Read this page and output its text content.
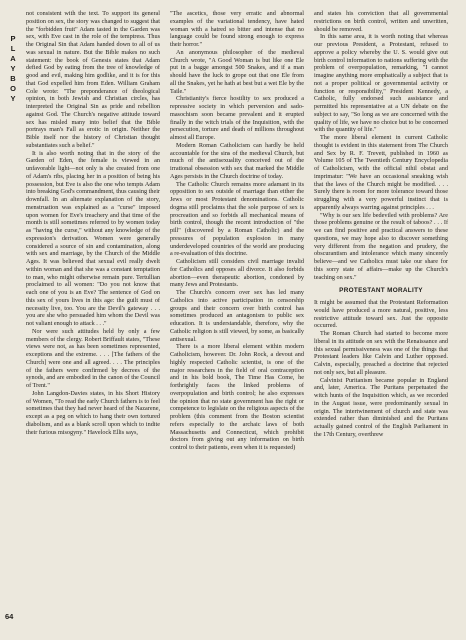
P
L
A
Y
B
O
Y

not consistent with the text. To support its general position on sex, the story was changed to suggest that the "forbidden fruit" Adam tasted in the Garden was sex, with Eve cast in the role of the temptress. Thus the Original Sin that Adam handed down to all of us was sexual in nature. But the Bible makes no such statement: the book of Genesis states that Adam defied God by eating from the tree of knowledge of good and evil, making him godlike, and it is for this that God expelled him from Eden. William Graham Cole wrote: "The preponderance of theological opinion, in both Jewish and Christian circles, has interpreted the Original Sin as pride and rebellion against God. The Church's negative attitude toward sex has misled many into belief that the Bible portrays man's Fall as erotic in origin. Neither the Bible itself nor the history of Christian thought substantiates such a belief."

It is also worth noting that in the story of the Garden of Eden, the female is viewed in an unfavorable light—not only is she created from one of Adam's ribs, placing her in a position of being his possession, but Eve is also the one who tempts Adam into breaking God's commandment, thus causing their downfall. In an alternate explanation of the story, menstruation was explained as a "curse" imposed upon women for Eve's treachery and that time of the month is still sometimes referred to by women today as "having the curse," without any knowledge of the expression's derivation. Women were generally considered a source of sin and contamination, along with sex and marriage, by the Church of the Middle Ages. It was believed that sexual evil really dwelt within woman and that she was a constant temptation to man, who might otherwise remain pure. Tertullian proclaimed to all women: "Do you not know that each one of you is an Eve? The sentence of God on this sex of yours lives in this age: the guilt must of necessity live, too. You are the Devil's gateway . . . you are she who persuaded him whom the Devil was not valiant enough to attack . . ."

Nor were such attitudes held by only a few members of the clergy. Robert Briffault states, "These views were not, as has been sometimes represented, exceptions and the extreme. . . . [The fathers of the Church] were one and all agreed. . . . The principles of the fathers were confirmed by decrees of the synods, and are embodied in the canon of the Council of Trent."

John Langdon-Davies states, in his Short History of Women, "To read the early Church fathers is to feel sometimes that they had never heard of the Nazarene, except as a peg on which to hang their own tortured diabolism, and as a blank scroll upon which to indite their furious misogyny." Havelock Ellis says,

"The ascetics, those very erratic and abnormal examples of the variational tendency, have hated woman with a hatred so bitter and intense that no language could be found strong enough to express their horror."

An anonymous philosopher of the medieval Church wrote, "A Good Woman is but like one Ele put in a bagge amongst 500 Snakes, and if a man should have the luck to grope out that one Ele from all the Snakes, yet he hath at best but a wet Ele by the Taile."

Christianity's fierce hostility to sex produced a repressive society in which perversion and sado-masochism soon became prevalent and it erupted finally in the witch trials of the Inquisition, with the persecution, torture and death of millions throughout almost all Europe.

Modern Roman Catholicism can hardly be held accountable for the sins of the medieval Church, but much of the antisexuality conceived out of the irrational obsession with sex that marked the Middle Ages persists in the Church doctrine of today.

The Catholic Church remains more adamant in its opposition to sex outside of marriage than either the Jews or most Protestant denominations. Catholic dogma still proclaims that the sole purpose of sex is procreation and so forbids all mechanical means of birth control, though the recent introduction of "the pill" (discovered by a Roman Catholic) and the pressures of population explosion in many underdeveloped countries of the world are producing a re-evaluation of this doctrine.

Catholicism still considers civil marriage invalid for Catholics and opposes all divorce. It also forbids abortion—even therapeutic abortion, condoned by many Jews and Protestants.

The Church's concern over sex has led many Catholics into active participation in censorship groups and their concern over birth control has sometimes produced an antagonism to public sex education. It is understandable, therefore, why the Catholic religion is still viewed, by some, as basically antisexual.

There is a more liberal element within modern Catholicism, however. Dr. John Rock, a devout and highly respected Catholic scientist, is one of the major researchers in the field of oral contraception and in his bold book, The Time Has Come, he forthrightly faces the linked problems of overpopulation and birth control; he also expresses the opinion that no state government has the right or competence to legislate on the religious aspects of the problem (this comment from the Boston scientist refers especially to the archaic laws of both Massachusetts and Connecticut, which prohibit doctors from giving out any information on birth control to their patients, even when it is requested)

and states his conviction that all governmental restrictions on birth control, written and unwritten, should be removed.

In this same area, it is worth noting that whereas our previous President, a Protestant, refused to approve a policy whereby the U. S. would give out birth control information to nations suffering with the problem of overpopulation, remarking, "I cannot imagine anything more emphatically a subject that is not a proper political or governmental activity or function or responsibility," President Kennedy, a Catholic, fully endorsed such assistance and permitted his representative at a UN debate on the subject to say, "So long as we are concerned with the quality of life, we have no choice but to be concerned with the quantity of life."

The more liberal element in current Catholic thought is evident in this statement from The Church and Sex by R. F. Trevett, published in 1960 as Volume 105 of The Twentieth Century Encyclopedia of Catholicism, with the official nihil obstat and imprimatur: "We have an occasional sneaking wish that the laws of the Church might be modified. . . . Surely there is room for more tolerance toward those struggling with a very powerful instinct that is apparently always warring against principles . . .

"Why is our sex life bedeviled with problems? Are those problems genuine or the result of taboos? . . . If we can find positive and practical answers to these questions, we may hope also to discover something very different from the negation and prudery, the obscurantism and intolerance which many sincerely believe—and we Catholics must take our share for this sorry state of affairs—make up the Church's teaching on sex."

PROTESTANT MORALITY

It might be assumed that the Protestant Reformation would have produced a more natural, positive, less restrictive attitude toward sex. Just the opposite occurred.

The Roman Church had started to become more liberal in its attitude on sex with the Renaissance and this sexual permissiveness was one of the things that Protestant leaders like Calvin and Luther opposed. Calvin, especially, preached a doctrine that rejected not only sex, but all pleasure.

Calvinist Puritanism became popular in England and, later, America. The Puritans perpetuated the witch hunts of the Inquisition which, as we recorded in the August issue, were predominantly sexual in origin. The intertwinement of church and state was extended rather than diminished and the Puritans actually gained control of the English Parliament in the 17th Century, overthrew

64
